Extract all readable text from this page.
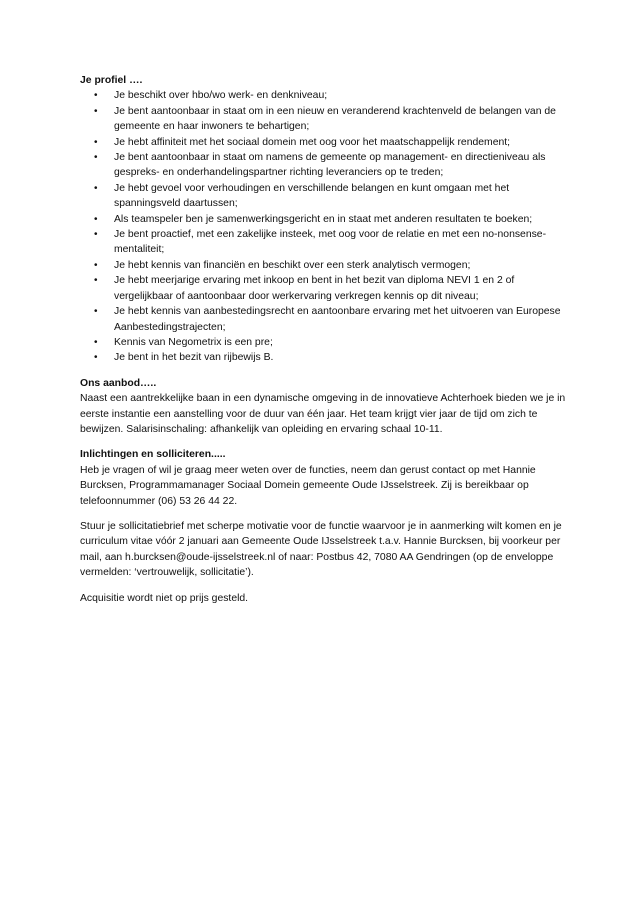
Je profiel ….

• Je beschikt over hbo/wo werk- en denkniveau;
• Je bent aantoonbaar in staat om in een nieuw en veranderend krachtenveld de belangen van de gemeente en haar inwoners te behartigen;
• Je hebt affiniteit met het sociaal domein met oog voor het maatschappelijk rendement;
• Je bent aantoonbaar in staat om namens de gemeente op management- en directieniveau als gespreks- en onderhandelingspartner richting leveranciers op te treden;
• Je hebt gevoel voor verhoudingen en verschillende belangen en kunt omgaan met het spanningsveld daartussen;
• Als teamspeler ben je samenwerkingsgericht en in staat met anderen resultaten te boeken;
• Je bent proactief, met een zakelijke insteek, met oog voor de relatie en met een no-nonsense-mentaliteit;
• Je hebt kennis van financiën en beschikt over een sterk analytisch vermogen;
• Je hebt meerjarige ervaring met inkoop en bent in het bezit van diploma NEVI 1 en 2 of vergelijkbaar of aantoonbaar door werkervaring verkregen kennis op dit niveau;
• Je hebt kennis van aanbestedingsrecht en aantoonbare ervaring met het uitvoeren van Europese Aanbestedingstrajecten;
• Kennis van Negometrix is een pre;
• Je bent in het bezit van rijbewijs B.

Ons aanbod…..

Naast een aantrekkelijke baan in een dynamische omgeving in de innovatieve Achterhoek bieden we je in eerste instantie een aanstelling voor de duur van één jaar. Het team krijgt vier jaar de tijd om zich te bewijzen. Salarisinschaling: afhankelijk van opleiding en ervaring schaal 10-11.

Inlichtingen en solliciteren.....

Heb je vragen of wil je graag meer weten over de functies, neem dan gerust contact op met Hannie Burcksen, Programmamanager Sociaal Domein gemeente Oude IJsselstreek. Zij is bereikbaar op telefoonnummer (06) 53 26 44 22.

Stuur je sollicitatiebrief met scherpe motivatie voor de functie waarvoor je in aanmerking wilt komen en je curriculum vitae vóór 2 januari aan Gemeente Oude IJsselstreek t.a.v. Hannie Burcksen, bij voorkeur per mail, aan h.burcksen@oude-ijsselstreek.nl of naar: Postbus 42, 7080 AA Gendringen (op de enveloppe vermelden: ‘vertrouwelijk, sollicitatie’).

Acquisitie wordt niet op prijs gesteld.
